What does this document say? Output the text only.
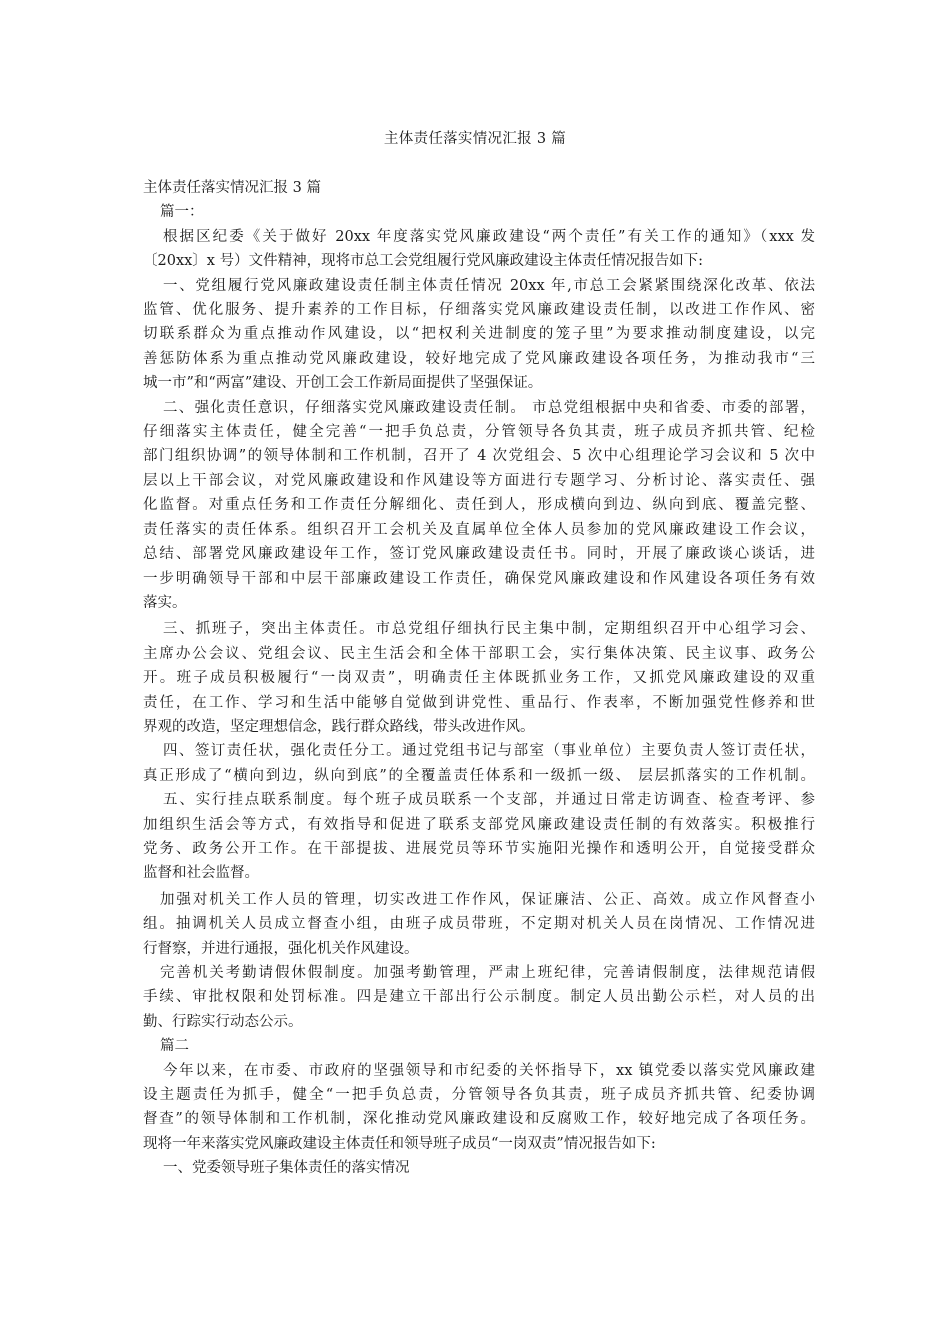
主体责任落实情况汇报 3 篇
主体责任落实情况汇报 3 篇
篇一：
根据区纪委《关于做好 20xx 年度落实党风廉政建设“两个责任”有关工作的通知》（xxx 发
〔20xx〕x 号）文件精神，现将市总工会党组履行党风廉政建设主体责任情况报告如下:
一、党组履行党风廉政建设责任制主体责任情况 20xx 年,市总工会紧紧围绕深化改革、依法
监管、优化服务、提升素养的工作目标，仔细落实党风廉政建设责任制，以改进工作作风、密
切联系群众为重点推动作风建设，以“把权利关进制度的笼子里”为要求推动制度建设，以完
善惩防体系为重点推动党风廉政建设，较好地完成了党风廉政建设各项任务，为推动我市“三
城一市”和“两富”建设、开创工会工作新局面提供了坚强保证。
二、强化责任意识，仔细落实党风廉政建设责任制。 市总党组根据中央和省委、市委的部署，
仔细落实主体责任，健全完善“一把手负总责，分管领导各负其责，班子成员齐抓共管、纪检
部门组织协调”的领导体制和工作机制，召开了 4 次党组会、5 次中心组理论学习会议和 5 次中
层以上干部会议，对党风廉政建设和作风建设等方面进行专题学习、分析讨论、落实责任、强
化监督。对重点任务和工作责任分解细化、责任到人，形成横向到边、纵向到底、覆盖完整、
责任落实的责任体系。组织召开工会机关及直属单位全体人员参加的党风廉政建设工作会议，
总结、部署党风廉政建设年工作，签订党风廉政建设责任书。同时，开展了廉政谈心谈话，进
一步明确领导干部和中层干部廉政建设工作责任，确保党风廉政建设和作风建设各项任务有效
落实。
三、抓班子，突出主体责任。市总党组仔细执行民主集中制，定期组织召开中心组学习会、
主席办公会议、党组会议、民主生活会和全体干部职工会，实行集体决策、民主议事、政务公
开。班子成员积极履行“一岗双责”，明确责任主体既抓业务工作，又抓党风廉政建设的双重
责任，在工作、学习和生活中能够自觉做到讲党性、重品行、作表率，不断加强党性修养和世
界观的改造，坚定理想信念，践行群众路线，带头改进作风。
四、签订责任状，强化责任分工。通过党组书记与部室（事业单位）主要负责人签订责任状，
真正形成了“横向到边，纵向到底”的全覆盖责任体系和一级抓一级、 层层抓落实的工作机制。
五、实行挂点联系制度。每个班子成员联系一个支部，并通过日常走访调查、检查考评、参
加组织生活会等方式，有效指导和促进了联系支部党风廉政建设责任制的有效落实。积极推行
党务、政务公开工作。在干部提拔、进展党员等环节实施阳光操作和透明公开，自觉接受群众
监督和社会监督。
加强对机关工作人员的管理，切实改进工作作风，保证廉洁、公正、高效。成立作风督查小
组。抽调机关人员成立督查小组，由班子成员带班，不定期对机关人员在岗情况、工作情况进
行督察，并进行通报，强化机关作风建设。
完善机关考勤请假休假制度。加强考勤管理，严肃上班纪律，完善请假制度，法律规范请假
手续、审批权限和处罚标准。四是建立干部出行公示制度。制定人员出勤公示栏，对人员的出
勤、行踪实行动态公示。
篇二
今年以来，在市委、市政府的坚强领导和市纪委的关怀指导下，xx 镇党委以落实党风廉政建
设主题责任为抓手，健全“一把手负总责，分管领导各负其责，班子成员齐抓共管、纪委协调
督查”的领导体制和工作机制，深化推动党风廉政建设和反腐败工作，较好地完成了各项任务。
现将一年来落实党风廉政建设主体责任和领导班子成员“一岗双责”情况报告如下:
一、党委领导班子集体责任的落实情况
